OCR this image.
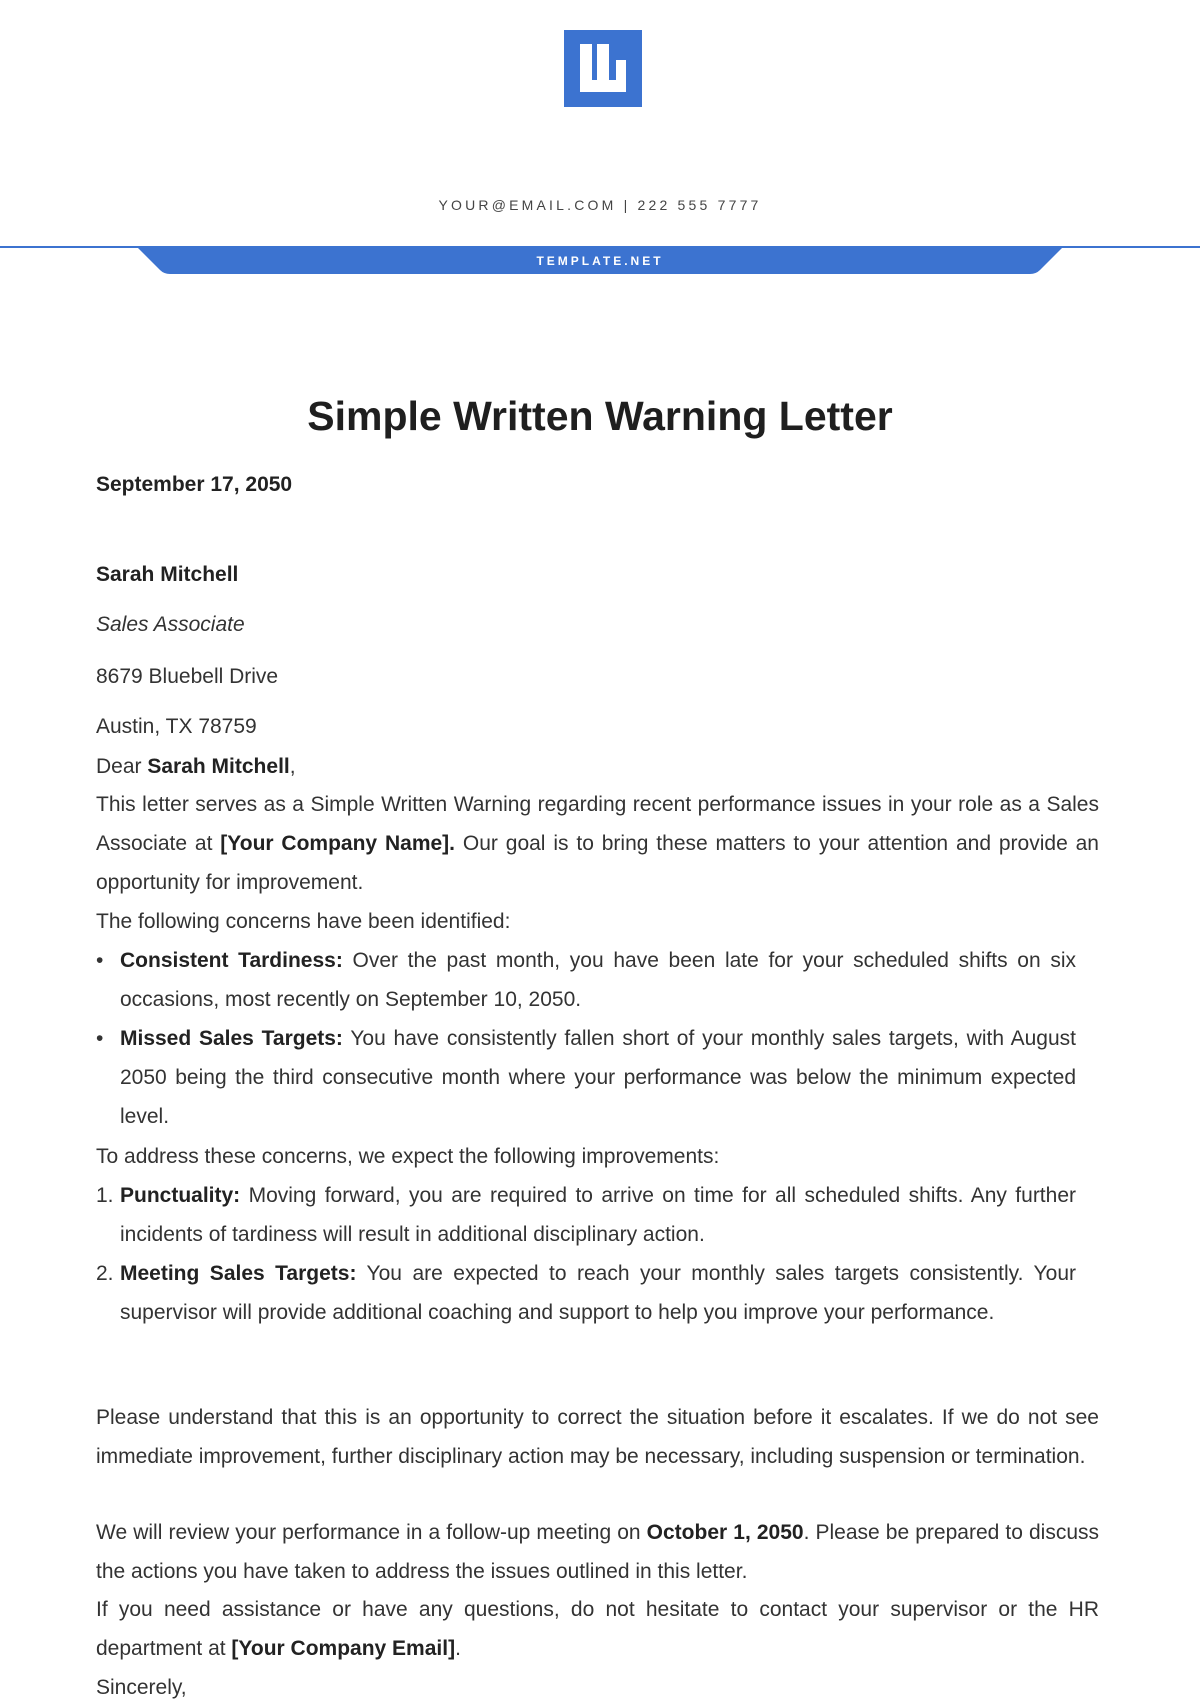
YOUR@EMAIL.COM | 222 555 7777
TEMPLATE.NET
Simple Written Warning Letter
September 17, 2050
Sarah Mitchell
Sales Associate
8679 Bluebell Drive
Austin, TX 78759
Dear Sarah Mitchell,
This letter serves as a Simple Written Warning regarding recent performance issues in your role as a Sales Associate at [Your Company Name]. Our goal is to bring these matters to your attention and provide an opportunity for improvement.
The following concerns have been identified:
• Consistent Tardiness: Over the past month, you have been late for your scheduled shifts on six occasions, most recently on September 10, 2050.
• Missed Sales Targets: You have consistently fallen short of your monthly sales targets, with August 2050 being the third consecutive month where your performance was below the minimum expected level.
To address these concerns, we expect the following improvements:
1. Punctuality: Moving forward, you are required to arrive on time for all scheduled shifts. Any further incidents of tardiness will result in additional disciplinary action.
2. Meeting Sales Targets: You are expected to reach your monthly sales targets consistently. Your supervisor will provide additional coaching and support to help you improve your performance.
Please understand that this is an opportunity to correct the situation before it escalates. If we do not see immediate improvement, further disciplinary action may be necessary, including suspension or termination.
We will review your performance in a follow-up meeting on October 1, 2050. Please be prepared to discuss the actions you have taken to address the issues outlined in this letter.
If you need assistance or have any questions, do not hesitate to contact your supervisor or the HR department at [Your Company Email].
Sincerely,
